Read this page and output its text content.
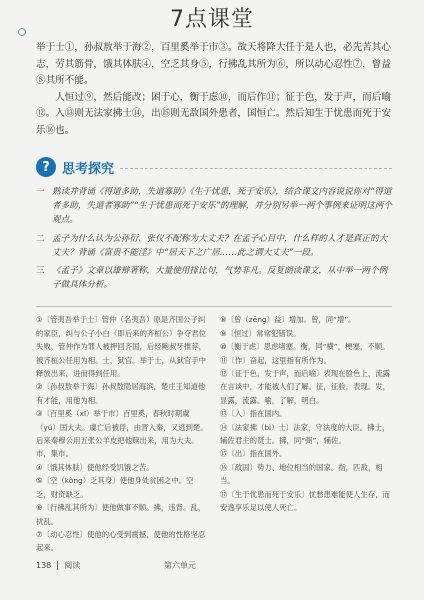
7点课堂

举于士①，孙叔敖举于海②，百里奚举于市③。故天将降大任于是人也，必先苦其心志，劳其筋骨，饿其体肤④，空乏其身⑤，行拂乱其所为⑥，所以动心忍性⑦，曾益⑧其所不能。

人恒过⑨，然后能改；困于心，衡于虑⑩，而后作⑪；征于色，发于声，而后喻⑫。入⑬则无法家拂士⑭，出⑮则无敌国外患者，国恒亡。然后知生于忧患而死于安乐⑯也。

? 思考探究
一 熟读并背诵《得道多助，失道寡助》《生于忧患，死于安乐》，结合课文内容说说你对“得道者多助，失道者寡助”“生于忧患而死于安乐”的理解，并分别另举一两个事例来证明这两个观点。
二 孟子为什么认为公孙衍、张仪不配称为大丈夫？在孟子心目中，什么样的人才是真正的大丈夫？背诵《富贵不能淫》中“居天下之广居……此之谓大丈夫”一段。
三 《孟子》文章以雄辩著称，大量使用排比句，气势非凡。反复朗读课文，从中举一两个例子做具体分析。

①〔管夷吾举于士〕管仲（名夷吾）原是齐国公子纠的家臣，纠与公子小白（即后来的齐桓公）争夺君位失败，管仲作为罪人被押回齐国，后经鲍叔牙推荐，被齐桓公任用为相。士，狱官。举于士，从狱官手中释放出来，进而得到任用。

②〔孙叔敖举于海〕孙叔敖隐居海滨，楚庄王知道他有才能，用他为相。

③〔百里奚（xī）举于市〕百里奚，春秋时期虞（yú）国大夫。虞亡后被俘，由晋入秦，又逃到楚。后来秦穆公用五张公羊皮把他赎出来，用为大夫。市，集市。

④〔饿其体肤〕使他经受饥饿之苦。

⑤〔空（kòng）乏其身〕使他身处贫困之中。空乏，财资缺乏。

⑥〔行拂乱其所为〕使他做事不顺。拂，违背。乱，扰乱。

⑦〔动心忍性〕使他的心受到震撼，使他的性格坚忍起来。

⑧〔曾（zēng）益〕增加。曾，同“增”。

⑨〔恒过〕常常犯错误。

⑩〔衡于虑〕思虑堵塞。衡，同“横”，梗塞，不顺。

⑪〔作〕奋起，这里指有所作为。

⑫〔征于色，发于声，而后喻〕表现在脸色上，流露在言谈中，才能被人们了解。征，征验，表现。发，显露，流露。喻，了解，明白。

⑬〔入〕指在国内。

⑭〔法家拂（bì）士〕法家，守法度的大臣。拂士，辅佐君主的贤士。拂，同“弼”，辅佐。

⑮〔出〕指在国外。

⑯〔敌国〕势力、地位相当的国家。指，匹敌，相当。

⑰〔生于忧患而死于安乐〕忧愁患难能使人生存，而安逸享乐足以使人死亡。

138 阅读	第六单元
